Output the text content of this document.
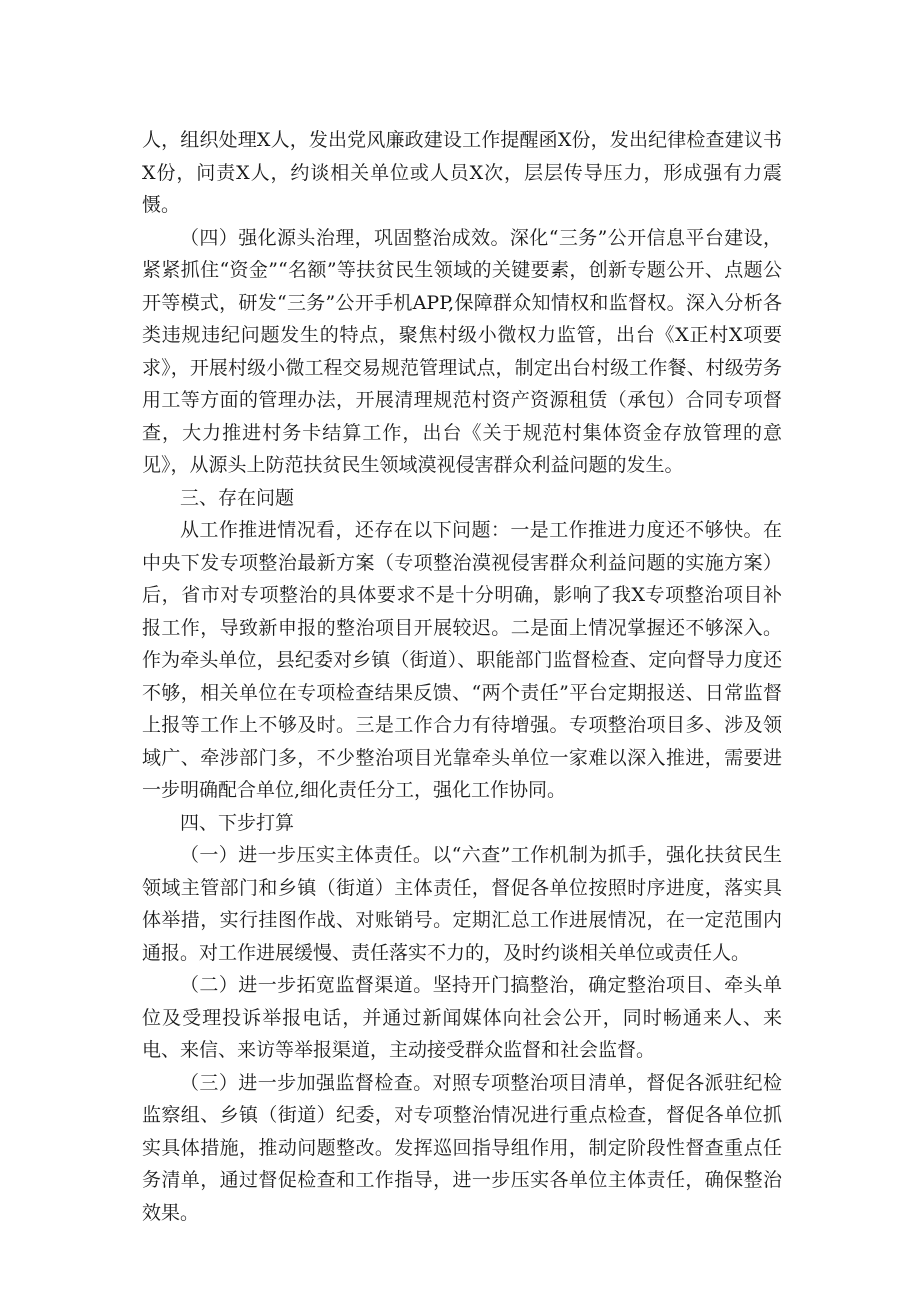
人，组织处理X人，发出党风廉政建设工作提醒函X份，发出纪律检查建议书X份，问责X人，约谈相关单位或人员X次，层层传导压力，形成强有力震慑。

（四）强化源头治理，巩固整治成效。深化“三务”公开信息平台建设，紧紧抓住“资金”“名额”等扶贫民生领域的关键要素，创新专题公开、点题公开等模式，研发“三务”公开手机APP,保障群众知情权和监督权。深入分析各类违规违纪问题发生的特点，聚焦村级小微权力监管，出台《X正村X项要求》，开展村级小微工程交易规范管理试点，制定出台村级工作餐、村级劳务用工等方面的管理办法，开展清理规范村资产资源租赁（承包）合同专项督查，大力推进村务卡结算工作，出台《关于规范村集体资金存放管理的意见》，从源头上防范扶贫民生领域漠视侵害群众利益问题的发生。

三、存在问题

从工作推进情况看，还存在以下问题：一是工作推进力度还不够快。在中央下发专项整治最新方案（专项整治漠视侵害群众利益问题的实施方案）后，省市对专项整治的具体要求不是十分明确，影响了我X专项整治项目补报工作，导致新申报的整治项目开展较迟。二是面上情况掌握还不够深入。作为牵头单位，县纪委对乡镇（街道）、职能部门监督检查、定向督导力度还不够，相关单位在专项检查结果反馈、“两个责任”平台定期报送、日常监督上报等工作上不够及时。三是工作合力有待增强。专项整治项目多、涉及领域广、牵涉部门多，不少整治项目光靠牵头单位一家难以深入推进，需要进一步明确配合单位,细化责任分工，强化工作协同。

四、下步打算

（一）进一步压实主体责任。以“六查”工作机制为抓手，强化扶贫民生领域主管部门和乡镇（街道）主体责任，督促各单位按照时序进度，落实具体举措，实行挂图作战、对账销号。定期汇总工作进展情况，在一定范围内通报。对工作进展缓慢、责任落实不力的，及时约谈相关单位或责任人。

（二）进一步拓宽监督渠道。坚持开门搞整治，确定整治项目、牵头单位及受理投诉举报电话，并通过新闻媒体向社会公开，同时畅通来人、来电、来信、来访等举报渠道，主动接受群众监督和社会监督。

（三）进一步加强监督检查。对照专项整治项目清单，督促各派驻纪检监察组、乡镇（街道）纪委，对专项整治情况进行重点检查，督促各单位抓实具体措施，推动问题整改。发挥巡回指导组作用，制定阶段性督查重点任务清单，通过督促检查和工作指导，进一步压实各单位主体责任，确保整治效果。
